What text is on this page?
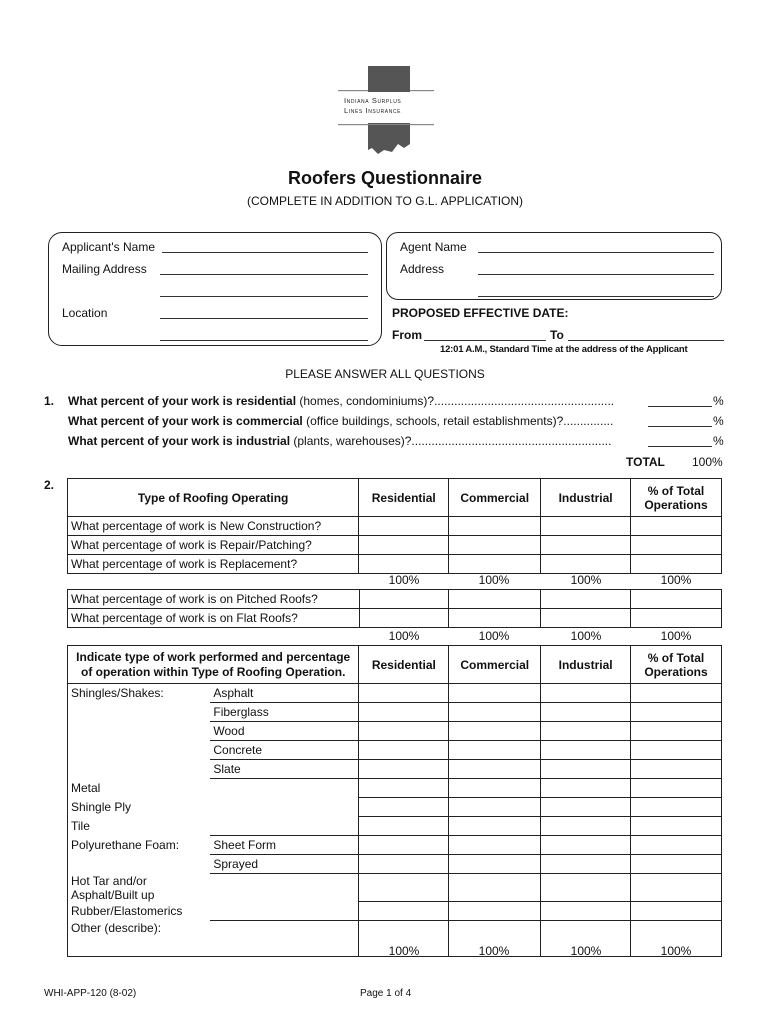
Indiana Surplus
Lines Insurance
Roofers Questionnaire
(COMPLETE IN ADDITION TO G.L. APPLICATION)
Applicant's Name
Mailing Address
Location
Agent Name
Address
PROPOSED EFFECTIVE DATE:
From	To
12:01 A.M., Standard Time at the address of the Applicant
PLEASE ANSWER ALL QUESTIONS
1. What percent of your work is residential (homes, condominiums)?......................................................	%
What percent of your work is commercial (office buildings, schools, retail establishments)?...............	%
What percent of your work is industrial (plants, warehouses)?............................................................	%
TOTAL 100%
2.
Type of Roofing Operating	Residential	Commercial	Industrial	% of Total Operations
What percentage of work is New Construction?				
What percentage of work is Repair/Patching?				
What percentage of work is Replacement?				
100%	100%	100%	100%
What percentage of work is on Pitched Roofs?				
What percentage of work is on Flat Roofs?				
100%	100%	100%	100%
Indicate type of work performed and percentage of operation within Type of Roofing Operation.		Residential	Commercial	Industrial	% of Total Operations
Shingles/Shakes:	Asphalt				
	Fiberglass				
	Wood				
	Concrete				
	Slate				
Metal					
Shingle Ply					
Tile					
Polyurethane Foam:	Sheet Form				
	Sprayed				
Hot Tar and/or Asphalt/Built up					
Rubber/Elastomerics					
Other (describe):					
100%	100%	100%	100%
WHI-APP-120 (8-02)	Page 1 of 4
